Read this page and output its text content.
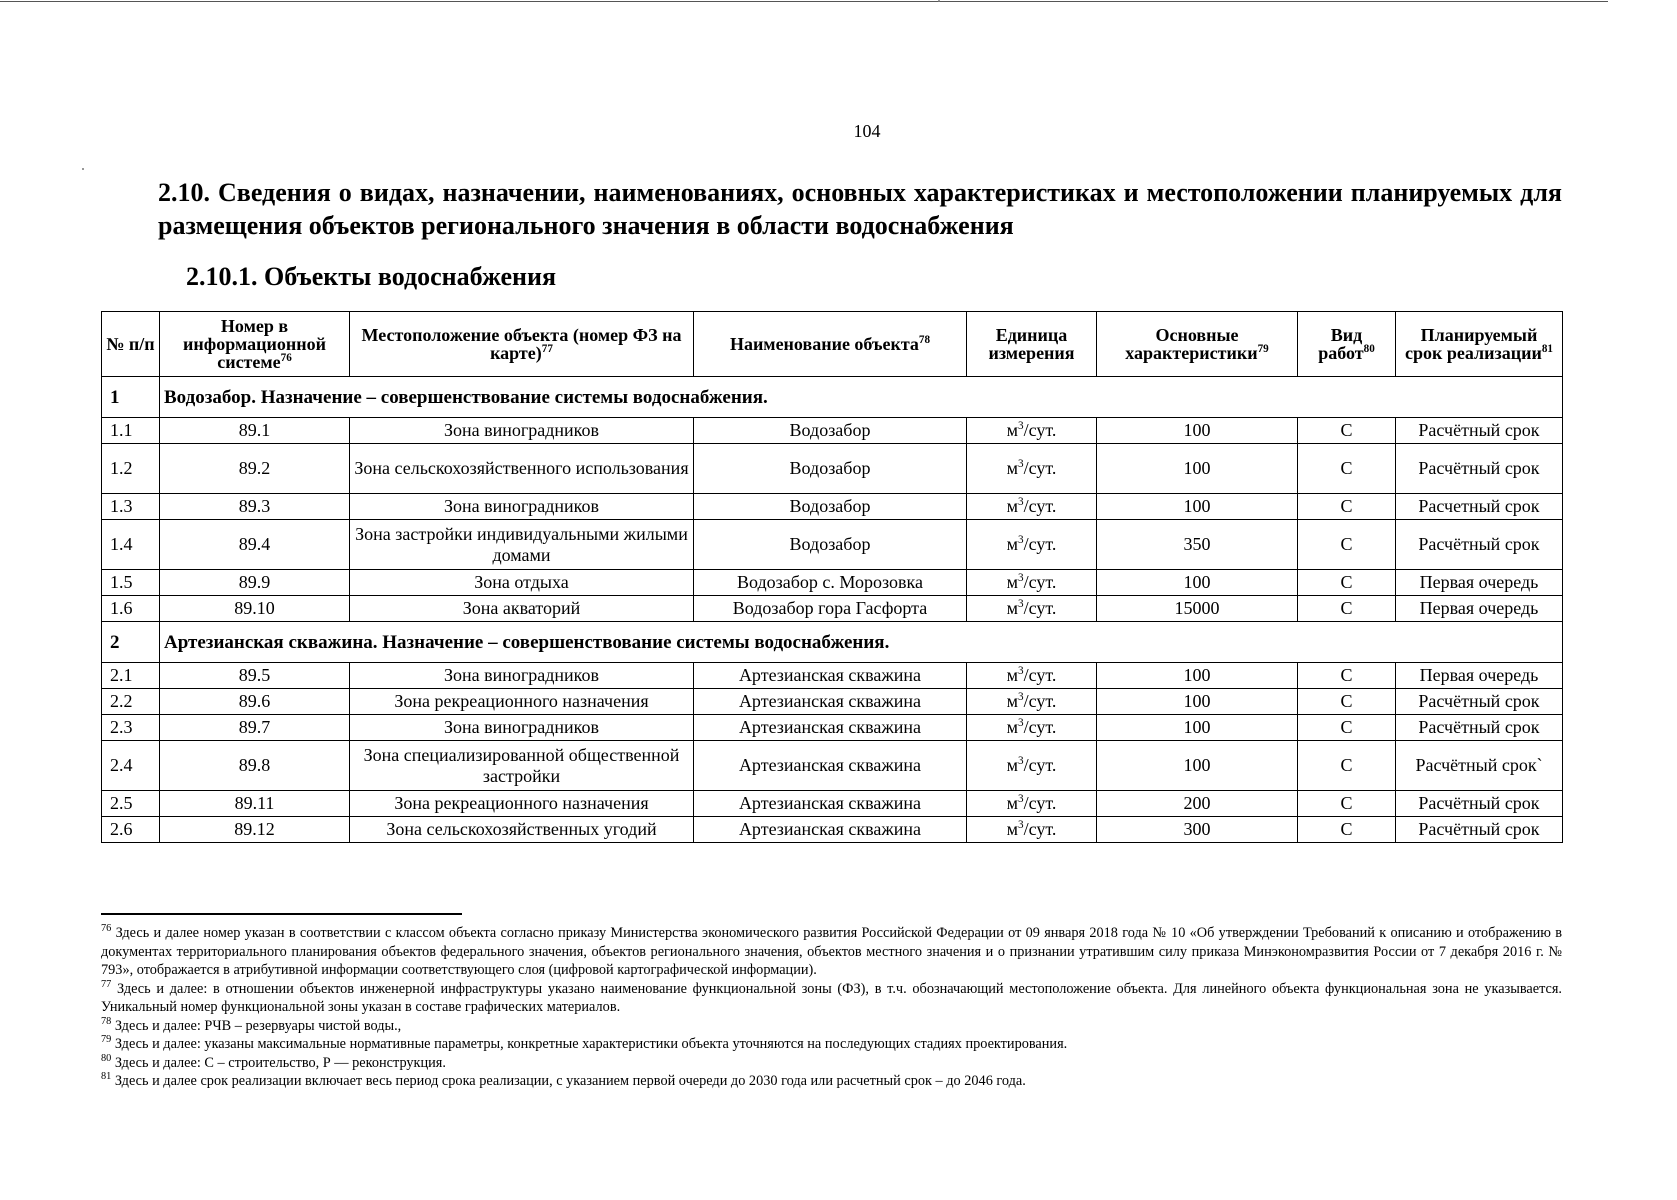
104
2.10. Сведения о видах, назначении, наименованиях, основных характеристиках и местоположении планируемых для размещения объектов регионального значения в области водоснабжения
2.10.1. Объекты водоснабжения
№ п/п	Номер в информационной системе$^{76}$	Местоположение объекта (номер ФЗ на карте)$^{77}$	Наименование объекта$^{78}$	Единица измерения	Основные характеристики$^{79}$	Вид работ$^{80}$	Планируемый срок реализации$^{81}$
1	Водозабор. Назначение – совершенствование системы водоснабжения.						
1.1	89.1	Зона виноградников	Водозабор	$м^3$/сут.	100	С	Расчётный срок
1.2	89.2	Зона сельскохозяйственного использования	Водозабор	$м^3$/сут.	100	С	Расчётный срок
1.3	89.3	Зона виноградников	Водозабор	$м^3$/сут.	100	С	Расчетный срок
1.4	89.4	Зона застройки индивидуальными жилыми домами	Водозабор	$м^3$/сут.	350	С	Расчётный срок
1.5	89.9	Зона отдыха	Водозабор с. Морозовка	$м^3$/сут.	100	С	Первая очередь
1.6	89.10	Зона акваторий	Водозабор гора Гасфорта	$м^3$/сут.	15000	С	Первая очередь
2	Артезианская скважина. Назначение – совершенствование системы водоснабжения.						
2.1	89.5	Зона виноградников	Артезианская скважина	$м^3$/сут.	100	С	Первая очередь
2.2	89.6	Зона рекреационного назначения	Артезианская скважина	$м^3$/сут.	100	С	Расчётный срок
2.3	89.7	Зона виноградников	Артезианская скважина	$м^3$/сут.	100	С	Расчётный срок
2.4	89.8	Зона специализированной общественной застройки	Артезианская скважина	$м^3$/сут.	100	С	Расчётный срок`
2.5	89.11	Зона рекреационного назначения	Артезианская скважина	$м^3$/сут.	200	С	Расчётный срок
2.6	89.12	Зона сельскохозяйственных угодий	Артезианская скважина	$м^3$/сут.	300	С	Расчётный срок

$^{76}$ Здесь и далее номер указан в соответствии с классом объекта согласно приказу Министерства экономического развития Российской Федерации от 09 января 2018 года № 10 «Об утверждении Требований к описанию и отображению в документах территориального планирования объектов федерального значения, объектов регионального значения, объектов местного значения и о признании утратившим силу приказа Минэкономразвития России от 7 декабря 2016 г. № 793», отображается в атрибутивной информации соответствующего слоя (цифровой картографической информации).

$^{77}$ Здесь и далее: в отношении объектов инженерной инфраструктуры указано наименование функциональной зоны (ФЗ), в т.ч. обозначающий местоположение объекта. Для линейного объекта функциональная зона не указывается. Уникальный номер функциональной зоны указан в составе графических материалов.

$^{78}$ Здесь и далее: РЧВ – резервуары чистой воды.,

$^{79}$ Здесь и далее: указаны максимальные нормативные параметры, конкретные характеристики объекта уточняются на последующих стадиях проектирования.

$^{80}$ Здесь и далее: С – строительство, Р — реконструкция.

$^{81}$ Здесь и далее срок реализации включает весь период срока реализации, с указанием первой очереди до 2030 года или расчетный срок – до 2046 года.
